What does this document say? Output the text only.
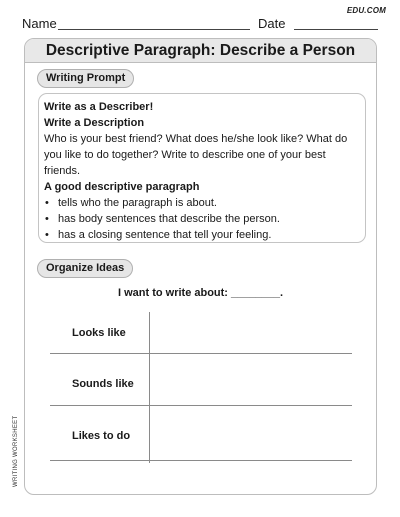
EDU.COM
Name	Date
Descriptive Paragraph: Describe a Person
Writing Prompt
Write as a Describer!
Write a Description
Who is your best friend? What does he/she look like? What do you like to do together? Write to describe one of your best friends.
A good descriptive paragraph
• tells who the paragraph is about.
• has body sentences that describe the person.
• has a closing sentence that tell your feeling.
Organize Ideas
I want to write about: ________.
Looks like
Sounds like
Likes to do
WRITING WORKSHEET
